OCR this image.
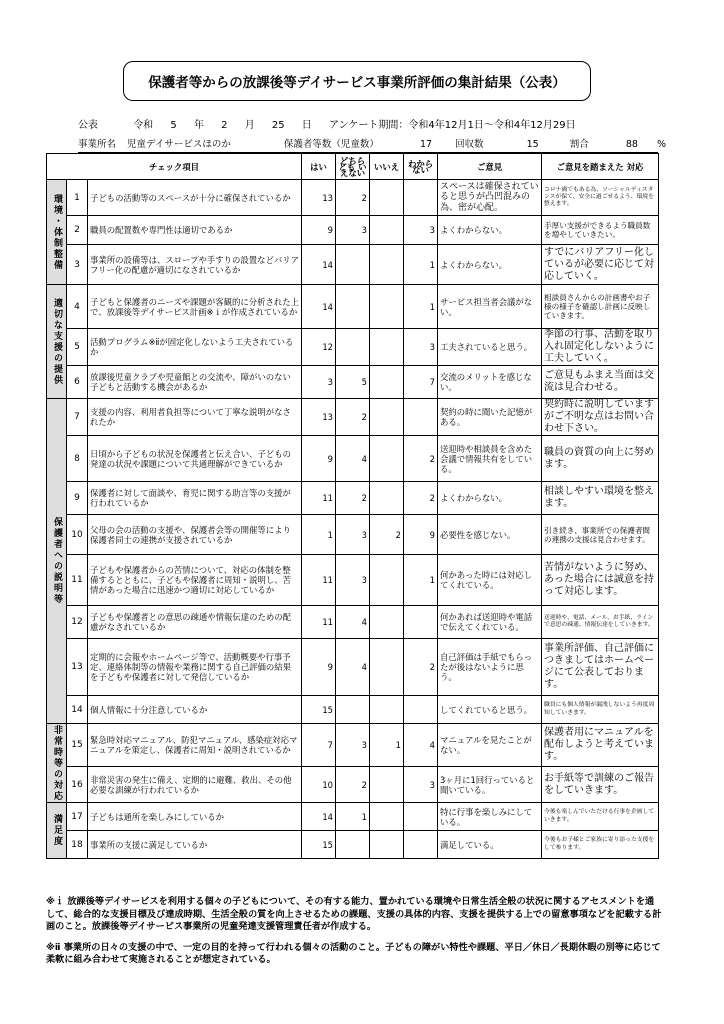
保護者等からの放課後等デイサービス事業所評価の集計結果（公表）
公表	令和 5 年 2 月 25 日 アンケート期間：令和4年12月1日～令和4年12月29日
事業所名 児童デイサービスほのか	保護者等数（児童数）	17 回収数	15	割合	88 %
チェック項目			はい	どちらとも いえない	いいえ	わからない	ご意見	ご意見を踏まえた 対応

環境・体制整備	1	子どもの活動等のスペースが十分に確保されているか	13	2			スペースは確保されていると思うが凸凹混みの為、密が心配。	コロナ禍でもある為、ソーシャルディスタンスが保て、安全に過ごせるよう、環境を整えます。
	2	職員の配置数や専門性は適切であるか	9	3		3	よくわからない。	手厚い支援ができるよう職員数を増やしていきたい。
	3	事業所の設備等は、スロープや手すりの設置などバリアフリー化の配慮が適切になされているか	14			1	よくわからない。	すでにバリアフリー化しているが必要に応じて対応していく。

適切な支援の提供	4	子どもと保護者のニーズや課題が客観的に分析された上で、放課後等デイサービス計画※ｉが作成されているか	14			1	サービス担当者会議がない。	相談員さんからの計画書やお子様の様子を確認し計画に反映していきます。
	5	活動プログラム※ⅱが固定化しないよう工夫されているか	12			3	工夫されていると思う。	季節の行事、活動を取り入れ固定化しないように工夫していく。
	6	放課後児童クラブや児童館との交流や、障がいのない子どもと活動する機会があるか	3	5		7	交流のメリットを感じない。	ご意見もふまえ当面は交流は見合わせる。

保護者への説明等	7	支援の内容、利用者負担等について丁寧な説明がなされたか	13	2			契約の時に聞いた記憶がある。	契約時に説明していますがご不明な点はお問い合わせ下さい。
	8	日頃から子どもの状況を保護者と伝え合い、子どもの発達の状況や課題について共通理解ができているか	9	4		2	送迎時や相談員を含めた会議で情報共有をしている。	職員の資質の向上に努めます。
	9	保護者に対して面談や、育児に関する助言等の支援が行われているか	11	2		2	よくわからない。	相談しやすい環境を整えます。
	10	父母の会の活動の支援や、保護者会等の開催等により保護者同士の連携が支援されているか	1	3	2	9	必要性を感じない。	引き続き、事業所での保護者間の連携の支援は見合わせます。
	11	子どもや保護者からの苦情について、対応の体制を整備するとともに、子どもや保護者に周知・説明し、苦情があった場合に迅速かつ適切に対応しているか	11	3		1	何かあった時には対応してくれている。	苦情がないように努め、あった場合には誠意を持って対応します。
	12	子どもや保護者との意思の疎通や情報伝達のための配慮がなされているか	11	4			何かあれば送迎時や電話で伝えてくれている。	送迎時や、電話、メール、お手紙、ラインで意思の疎通、情報伝達をしていきます。
	13	定期的に会報やホームページ等で、活動概要や行事予定、連絡体制等の情報や業務に関する自己評価の結果を子どもや保護者に対して発信しているか	9	4		2	自己評価は手紙でもらったが後はないように思う。	事業所評価、自己評価につきましてはホームページにて公表しております。
	14	個人情報に十分注意しているか	15				してくれていると思う。	職員にも個人情報が漏洩しないよう再度周知していきます。

非常時等の対応	15	緊急時対応マニュアル、防犯マニュアル、感染症対応マニュアルを策定し、保護者に周知・説明されているか	7	3	1	4	マニュアルを見たことがない。	保護者用にマニュアルを配布しようと考えています。
	16	非常災害の発生に備え、定期的に避難、救出、その他必要な訓練が行われているか	10	2		3	3ヶ月に1回行っていると聞いている。	お手紙等で訓練のご報告をしていきます。

満足度	17	子どもは通所を楽しみにしているか	14	1			特に行事を楽しみにしている。	今後も楽しんでいただける行事を企画していきます。
	18	事業所の支援に満足しているか	15				満足している。	今後もお子様とご家族に寄り添った支援をして参ります。

※ｉ 放課後等デイサービスを利用する個々の子どもについて、その有する能力、置かれている環境や日常生活全般の状況に関するアセスメントを通して、総合的な支援目標及び達成時期、生活全般の質を向上させるための課題、支援の具体的内容、支援を提供する上での留意事項などを記載する計画のこと。放課後等デイサービス事業所の児童発達支援管理責任者が作成する。

※ⅱ 事業所の日々の支援の中で、一定の目的を持って行われる個々の活動のこと。子どもの障がい特性や課題、平日／休日／長期休暇の別等に応じて柔軟に組み合わせて実施されることが想定されている。
